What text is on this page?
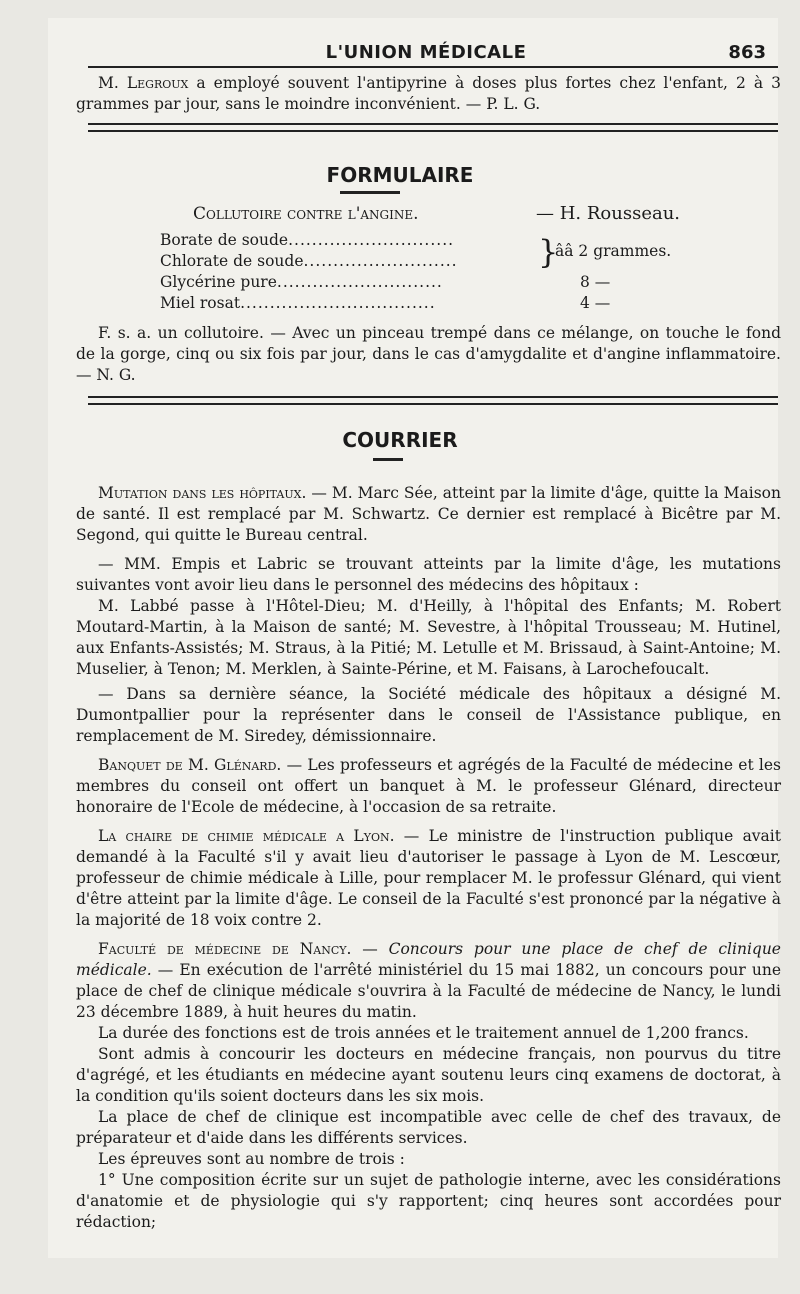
L'UNION MÉDICALE	863

M. Legroux a employé souvent l'antipyrine à doses plus fortes chez l'enfant, 2 à 3 grammes par jour, sans le moindre inconvénient. — P. L. G.

FORMULAIRE
Collutoire contre l'angine.	— H. Rousseau.
Borate de soude............................
Chlorate de soude..........................
Glycérine pure............................
Miel rosat.................................
}
ââ 2 grammes.
8 —
4 —

F. s. a. un collutoire. — Avec un pinceau trempé dans ce mélange, on touche le fond de la gorge, cinq ou six fois par jour, dans le cas d'amygdalite et d'angine inflammatoire. — N. G.

COURRIER

Mutation dans les hôpitaux. — M. Marc Sée, atteint par la limite d'âge, quitte la Maison de santé. Il est remplacé par M. Schwartz. Ce dernier est remplacé à Bicêtre par M. Segond, qui quitte le Bureau central.

— MM. Empis et Labric se trouvant atteints par la limite d'âge, les mutations suivantes vont avoir lieu dans le personnel des médecins des hôpitaux :

M. Labbé passe à l'Hôtel-Dieu; M. d'Heilly, à l'hôpital des Enfants; M. Robert Moutard-Martin, à la Maison de santé; M. Sevestre, à l'hôpital Trousseau; M. Hutinel, aux Enfants-Assistés; M. Straus, à la Pitié; M. Letulle et M. Brissaud, à Saint-Antoine; M. Muselier, à Tenon; M. Merklen, à Sainte-Périne, et M. Faisans, à Larochefoucalt.

— Dans sa dernière séance, la Société médicale des hôpitaux a désigné M. Dumontpallier pour la représenter dans le conseil de l'Assistance publique, en remplacement de M. Siredey, démissionnaire.

Banquet de M. Glénard. — Les professeurs et agrégés de la Faculté de médecine et les membres du conseil ont offert un banquet à M. le professeur Glénard, directeur honoraire de l'Ecole de médecine, à l'occasion de sa retraite.

La chaire de chimie médicale a Lyon. — Le ministre de l'instruction publique avait demandé à la Faculté s'il y avait lieu d'autoriser le passage à Lyon de M. Lescœur, professeur de chimie médicale à Lille, pour remplacer M. le professur Glénard, qui vient d'être atteint par la limite d'âge. Le conseil de la Faculté s'est prononcé par la négative à la majorité de 18 voix contre 2.

Faculté de médecine de Nancy. — Concours pour une place de chef de clinique médicale. — En exécution de l'arrêté ministériel du 15 mai 1882, un concours pour une place de chef de clinique médicale s'ouvrira à la Faculté de médecine de Nancy, le lundi 23 décembre 1889, à huit heures du matin.

La durée des fonctions est de trois années et le traitement annuel de 1,200 francs.

Sont admis à concourir les docteurs en médecine français, non pourvus du titre d'agrégé, et les étudiants en médecine ayant soutenu leurs cinq examens de doctorat, à la condition qu'ils soient docteurs dans les six mois.

La place de chef de clinique est incompatible avec celle de chef des travaux, de préparateur et d'aide dans les différents services.

Les épreuves sont au nombre de trois :

1° Une composition écrite sur un sujet de pathologie interne, avec les considérations d'anatomie et de physiologie qui s'y rapportent; cinq heures sont accordées pour rédaction;
